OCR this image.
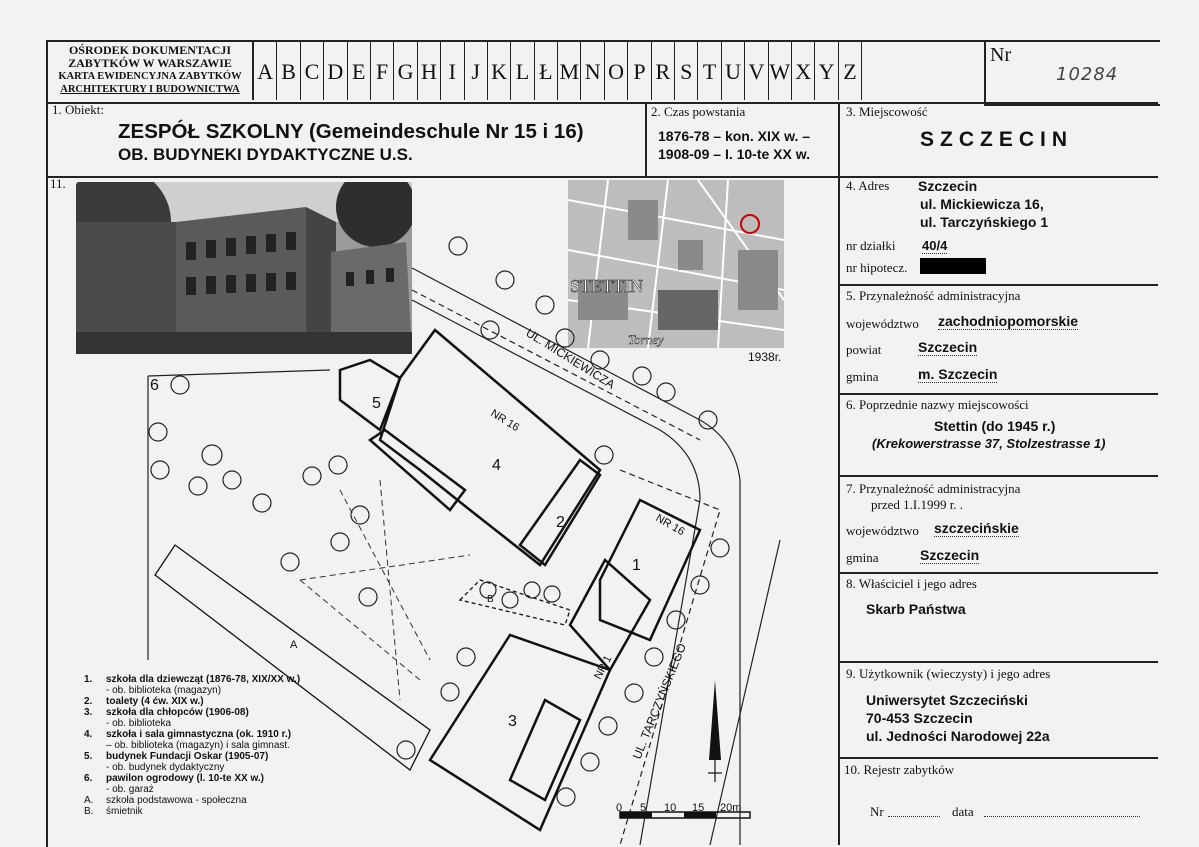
OŚRODEK DOKUMENTACJI
ZABYTKÓW W WARSZAWIE
KARTA EWIDENCYJNA ZABYTKÓW
ARCHITEKTURY I BUDOWNICTWA
A B C D E F G H I J K L Ł M N O P R S T U V W X Y Z
Nr
10284
1. Obiekt:
ZESPÓŁ SZKOLNY (Gemeindeschule Nr 15 i 16)
OB. BUDYNEKI DYDAKTYCZNE U.S.
2. Czas powstania
1876-78 – kon. XIX w. –
1908-09 – I. 10-te XX w.
3. Miejscowość
SZCZECIN
11.
STETTIN
Torney
1938r.
UL. MICKIEWICZA
UL. TARCZYŃSKIEGO
NR 16
NR 16
NR 1
1
2
3
4
5
6
A
B
0 5 10 15 20m
1. szkoła dla dziewcząt (1876-78, XIX/XX w.)
- ob. biblioteka (magazyn)
2. toalety (4 ćw. XIX w.)
3. szkoła dla chłopców (1906-08)
- ob. biblioteka
4. szkoła i sala gimnastyczna (ok. 1910 r.)
– ob. biblioteka (magazyn) i sala gimnast.
5. budynek Fundacji Oskar (1905-07)
- ob. budynek dydaktyczny
6. pawilon ogrodowy (l. 10-te XX w.)
- ob. garaż
A. szkoła podstawowa - społeczna
B. śmietnik
4. Adres Szczecin
ul. Mickiewicza 16,
ul. Tarczyńskiego 1
nr działki 40/4
nr hipotecz.
5. Przynależność administracyjna
województwo zachodniopomorskie
powiat	Szczecin
gmina	m. Szczecin
6. Poprzednie nazwy miejscowości
Stettin (do 1945 r.)
(Krekowerstrasse 37, Stolzestrasse 1)
7. Przynależność administracyjna
przed 1.I.1999 r. .
województwo szczecińskie
gmina	Szczecin
8. Właściciel i jego adres
Skarb Państwa
9. Użytkownik (wieczysty) i jego adres
Uniwersytet Szczeciński
70-453 Szczecin
ul. Jedności Narodowej 22a
10. Rejestr zabytków
Nr	data
